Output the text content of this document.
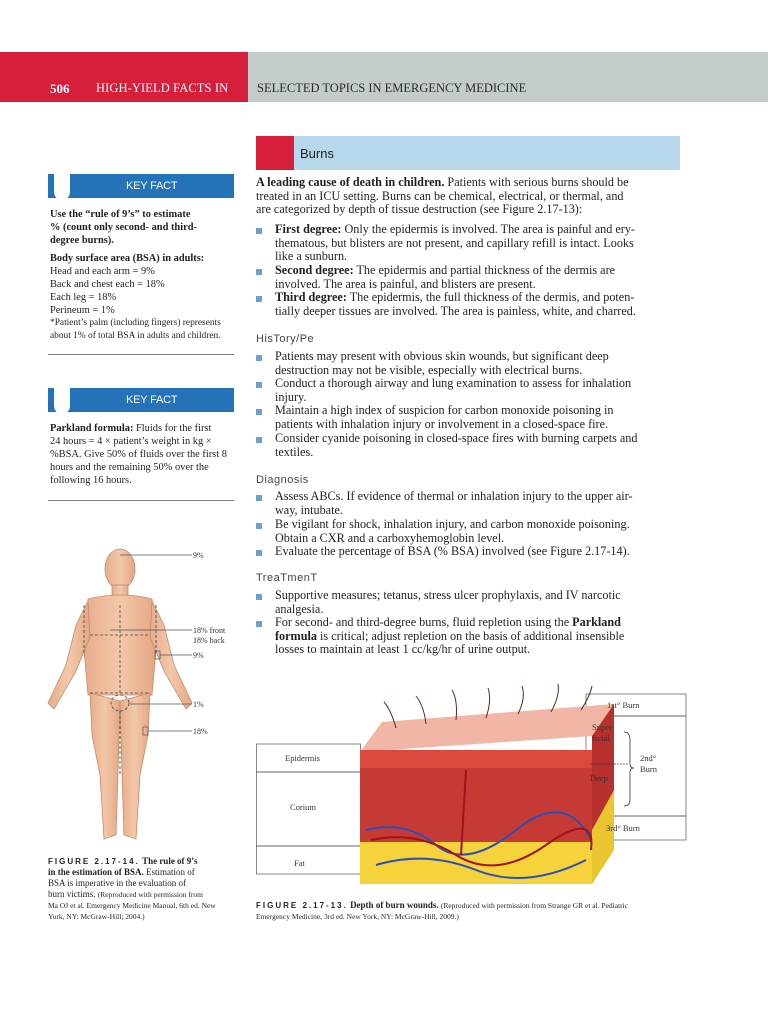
506 HIGH-YIELD FACTS IN SELECTED TOPICS IN EMERGENCY MEDICINE
Burns
KEY FACT
Use the “rule of 9’s” to estimate
% (count only second- and third-
degree burns).
Body surface area (BSA) in adults:
Head and each arm = 9%
Back and chest each = 18%
Each leg = 18%
Perineum = 1%
*Patient’s palm (including fingers) represents
about 1% of total BSA in adults and children.
KEY FACT
Parkland formula: Fluids for the first
24 hours = 4 × patient’s weight in kg ×
%BSA. Give 50% of fluids over the first 8
hours and the remaining 50% over the
following 16 hours.
A leading cause of death in children. Patients with serious burns should be
treated in an ICU setting. Burns can be chemical, electrical, or thermal, and
are categorized by depth of tissue destruction (see Figure 2.17-13):
First degree: Only the epidermis is involved. The area is painful and ery-
thematous, but blisters are not present, and capillary refill is intact. Looks
like a sunburn.
Second degree: The epidermis and partial thickness of the dermis are
involved. The area is painful, and blisters are present.
Third degree: The epidermis, the full thickness of the dermis, and poten-
tially deeper tissues are involved. The area is painless, white, and charred.
HisTory/Pe
Patients may present with obvious skin wounds, but significant deep
destruction may not be visible, especially with electrical burns.
Conduct a thorough airway and lung examination to assess for inhalation
injury.
Maintain a high index of suspicion for carbon monoxide poisoning in
patients with inhalation injury or involvement in a closed-space fire.
Consider cyanide poisoning in closed-space fires with burning carpets and
textiles.
Diagnosis
Assess ABCs. If evidence of thermal or inhalation injury to the upper air-
way, intubate.
Be vigilant for shock, inhalation injury, and carbon monoxide poisoning.
Obtain a CXR and a carboxyhemoglobin level.
Evaluate the percentage of BSA (% BSA) involved (see Figure 2.17-14).
TreaTmenT
Supportive measures; tetanus, stress ulcer prophylaxis, and IV narcotic
analgesia.
For second- and third-degree burns, fluid repletion using the Parkland
formula is critical; adjust repletion on the basis of additional insensible
losses to maintain at least 1 cc/kg/hr of urine output.
9%
18% front
18% back
9%
1%
18%
FIGURE 2.17-14. The rule of 9’s
in the estimation of BSA. Estimation of
BSA is imperative in the evaluation of
burn victims. (Reproduced with permission from
Ma OJ et al. Emergency Medicine Manual, 6th ed. New
York, NY: McGraw-Hill; 2004.)
Epidermis
Corium
Fat
1st° Burn
Super-
ficial
Deep
2nd°
Burn
3rd° Burn
FIGURE 2.17-13. Depth of burn wounds. (Reproduced with permission from Strange GR et al. Pediatric
Emergency Medicine, 3rd ed. New York, NY: McGraw-Hill, 2009.)
